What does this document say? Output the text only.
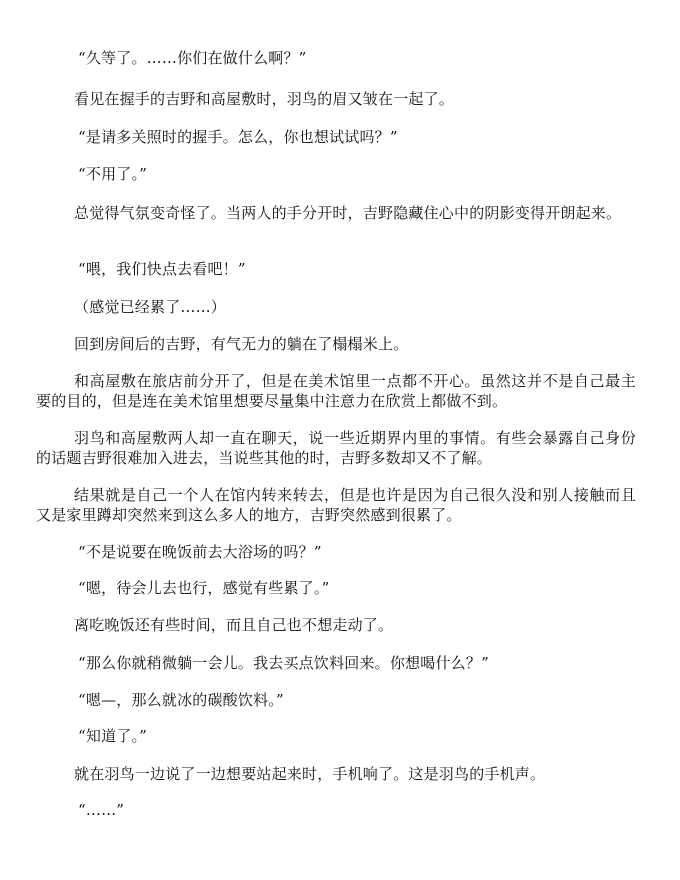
“久等了。……你们在做什么啊？”

看见在握手的吉野和高屋敷时，羽鸟的眉又皱在一起了。

“是请多关照时的握手。怎么，你也想试试吗？”

“不用了。”

总觉得气氛变奇怪了。当两人的手分开时，吉野隐藏住心中的阴影变得开朗起来。

“喂，我们快点去看吧！”

（感觉已经累了……）

回到房间后的吉野，有气无力的躺在了榻榻米上。

和高屋敷在旅店前分开了，但是在美术馆里一点都不开心。虽然这并不是自己最主要的目的，但是连在美术馆里想要尽量集中注意力在欣赏上都做不到。

羽鸟和高屋敷两人却一直在聊天，说一些近期界内里的事情。有些会暴露自己身份的话题吉野很难加入进去，当说些其他的时，吉野多数却又不了解。

结果就是自己一个人在馆内转来转去，但是也许是因为自己很久没和别人接触而且又是家里蹲却突然来到这么多人的地方，吉野突然感到很累了。

“不是说要在晚饭前去大浴场的吗？”

“嗯，待会儿去也行，感觉有些累了。”

离吃晚饭还有些时间，而且自己也不想走动了。

“那么你就稍微躺一会儿。我去买点饮料回来。你想喝什么？”

“嗯—，那么就冰的碳酸饮料。”

“知道了。”

就在羽鸟一边说了一边想要站起来时，手机响了。这是羽鸟的手机声。

“……”
